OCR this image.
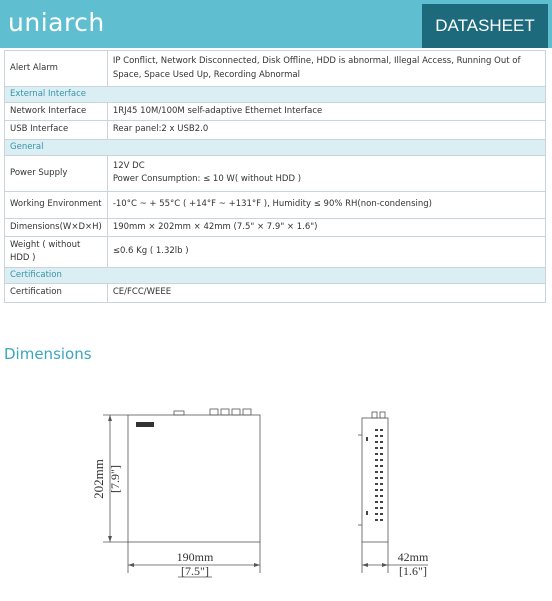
uniarch	DATASHEET
Alert Alarm	IP Conflict, Network Disconnected, Disk Offline, HDD is abnormal, Illegal Access, Running Out of Space, Space Used Up, Recording Abnormal
External Interface	
Network Interface	1RJ45 10M/100M self-adaptive Ethernet Interface
USB Interface	Rear panel:2 x USB2.0
General	
Power Supply	12V DC
Power Consumption: ≤ 10 W( without HDD )

Working Environment	-10°C ~ + 55°C ( +14°F ~ +131°F ), Humidity ≤ 90% RH(non-condensing)
Dimensions(W×D×H)	190mm × 202mm × 42mm (7.5" × 7.9" × 1.6")
Weight ( without HDD )	≤0.6 Kg ( 1.32lb )
Certification	
Certification	CE/FCC/WEEE
Dimensions
202mm [7.9"]
190mm
[7.5"]
42mm
[1.6"]
